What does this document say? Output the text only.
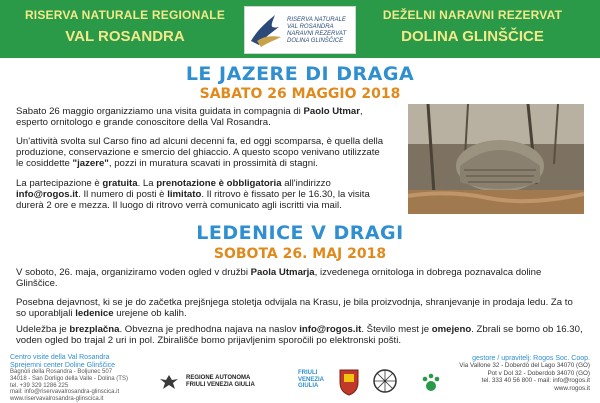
RISERVA NATURALE REGIONALE
VAL ROSANDRA
RISERVA NATURALE
VAL ROSANDRA
NARAVNI REZERVAT
DOLINA GLINŠČICE
DEŽELNI NARAVNI REZERVAT
DOLINA GLINŠČICE
LE JAZERE DI DRAGA
SABATO 26 MAGGIO 2018
Sabato 26 maggio organizziamo una visita guidata in compagnia di Paolo Utmar, esperto ornitologo e grande conoscitore della Val Rosandra.
Un'attività svolta sul Carso fino ad alcuni decenni fa, ed oggi scomparsa, è quella della produzione, conservazione e smercio del ghiaccio. A questo scopo venivano utilizzate le cosiddette "jazere", pozzi in muratura scavati in prossimità di stagni.
La partecipazione è gratuita. La prenotazione è obbligatoria all'indirizzo info@rogos.it. Il numero di posti è limitato. Il ritrovo è fissato per le 16.30, la visita durerà 2 ore e mezza. Il luogo di ritrovo verrà comunicato agli iscritti via mail.
LEDENICE V DRAGI
SOBOTA 26. MAJ 2018
V soboto, 26. maja, organiziramo voden ogled v družbi Paola Utmarja, izvedenega ornitologa in dobrega poznavalca doline Glinščice.
Posebna dejavnost, ki se je do začetka prejšnjega stoletja odvijala na Krasu, je bila proizvodnja, shranjevanje in prodaja ledu. Za to so uporabljali ledenice urejene ob kalih.
Udeležba je brezplačna. Obvezna je predhodna najava na naslov info@rogos.it. Število mest je omejeno. Zbrali se bomo ob 16.30, voden ogled bo trajal 2 uri in pol. Zbirališče bomo prijavljenim sporočili po elektronski pošti.
Centro visite della Val Rosandra
Sprejemni center Doline Glinščice
Bagnoli della Rosandra - Boljunec 507
34018 - San Dorligo della Valle - Dolina (TS)
tel. +39 329 1286 225
mail: info@riservavalrosandra-glinscica.it
www.riservavalrosandra-glinscica.it
REGIONE AUTONOMA
FRIULI VENEZIA GIULIA
FRIULI
VENEZIA
GIULIA
gestore / upravitelj: Rogos Soc. Coop.
Via Vallone 32 - Doberdò del Lago 34070 (GO)
Pot v Dol 32 - Doberdob 34070 (GO)
tel. 333 40 56 800 - mail: info@rogos.it
www.rogos.it
